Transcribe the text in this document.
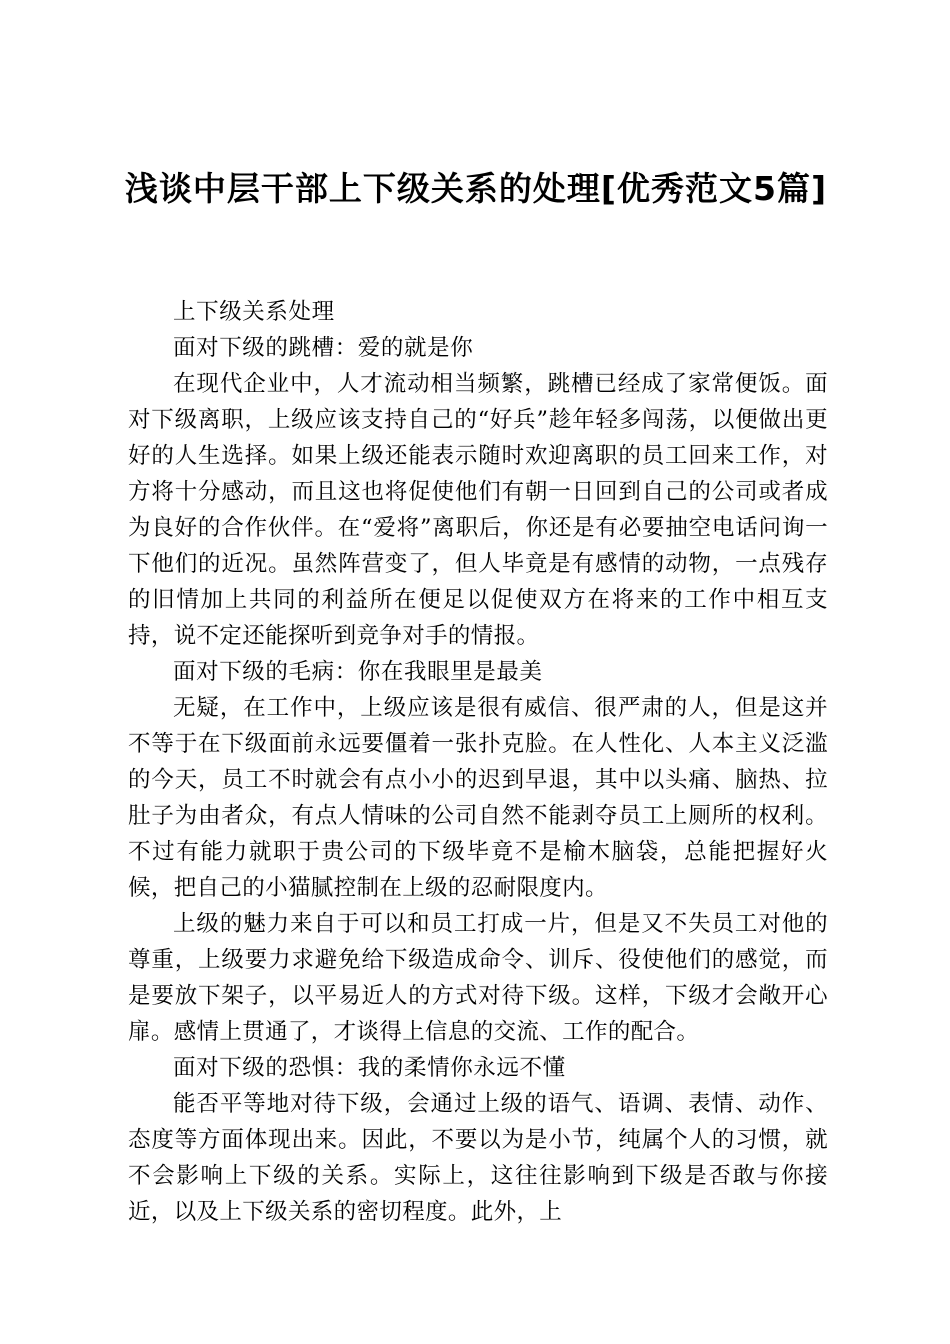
浅谈中层干部上下级关系的处理[优秀范文5篇]

上下级关系处理

面对下级的跳槽：爱的就是你

在现代企业中，人才流动相当频繁，跳槽已经成了家常便饭。面对下级离职，上级应该支持自己的“好兵”趁年轻多闯荡，以便做出更好的人生选择。如果上级还能表示随时欢迎离职的员工回来工作，对方将十分感动，而且这也将促使他们有朝一日回到自己的公司或者成为良好的合作伙伴。在“爱将”离职后，你还是有必要抽空电话问询一下他们的近况。虽然阵营变了，但人毕竟是有感情的动物，一点残存的旧情加上共同的利益所在便足以促使双方在将来的工作中相互支持，说不定还能探听到竞争对手的情报。

面对下级的毛病：你在我眼里是最美

无疑，在工作中，上级应该是很有威信、很严肃的人，但是这并不等于在下级面前永远要僵着一张扑克脸。在人性化、人本主义泛滥的今天，员工不时就会有点小小的迟到早退，其中以头痛、脑热、拉肚子为由者众，有点人情味的公司自然不能剥夺员工上厕所的权利。不过有能力就职于贵公司的下级毕竟不是榆木脑袋，总能把握好火候，把自己的小猫腻控制在上级的忍耐限度内。

上级的魅力来自于可以和员工打成一片，但是又不失员工对他的尊重，上级要力求避免给下级造成命令、训斥、役使他们的感觉，而是要放下架子，以平易近人的方式对待下级。这样，下级才会敞开心扉。感情上贯通了，才谈得上信息的交流、工作的配合。

面对下级的恐惧：我的柔情你永远不懂

能否平等地对待下级，会通过上级的语气、语调、表情、动作、态度等方面体现出来。因此，不要以为是小节，纯属个人的习惯，就不会影响上下级的关系。实际上，这往往影响到下级是否敢与你接近，以及上下级关系的密切程度。此外，上
